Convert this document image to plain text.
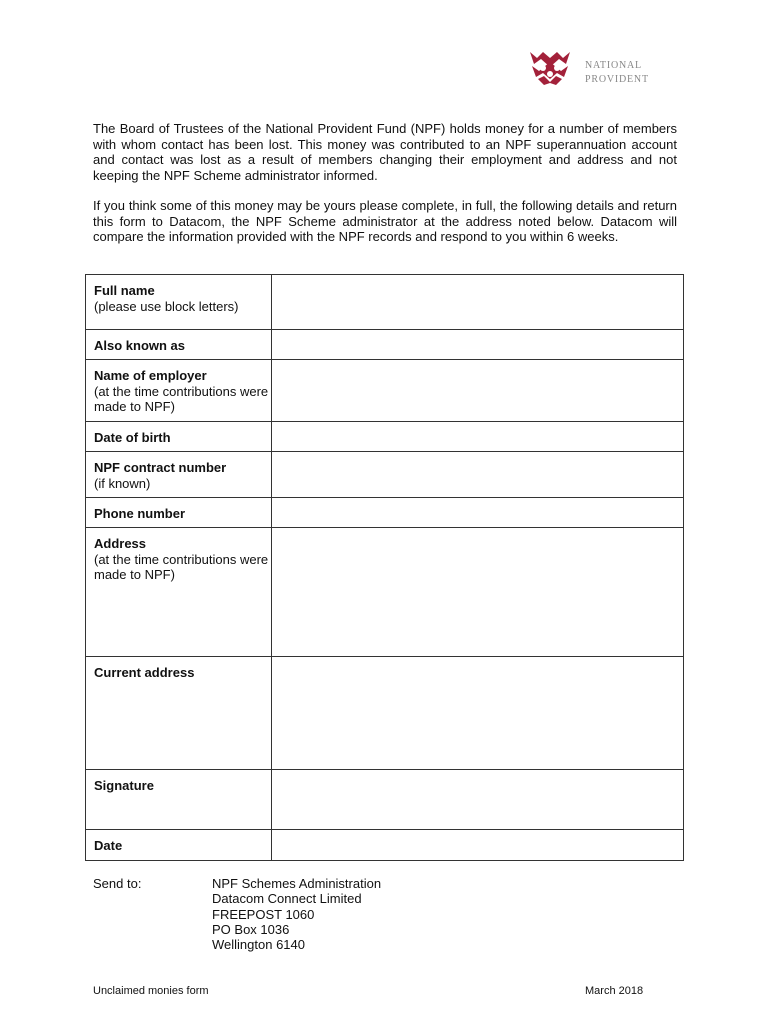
NATIONAL
PROVIDENT

The Board of Trustees of the National Provident Fund (NPF) holds money for a number of members with whom contact has been lost. This money was contributed to an NPF superannuation account and contact was lost as a result of members changing their employment and address and not keeping the NPF Scheme administrator informed.

If you think some of this money may be yours please complete, in full, the following details and return this form to Datacom, the NPF Scheme administrator at the address noted below. Datacom will compare the information provided with the NPF records and respond to you within 6 weeks.

Full name
(please use block letters)	

Also known as	

Name of employer
(at the time contributions were made to NPF)	

Date of birth	

NPF contract number
(if known)	

Phone number	

Address
(at the time contributions were made to NPF)	

Current address	

Signature	

Date	

Send to:	NPF Schemes Administration
Datacom Connect Limited
FREEPOST 1060
PO Box 1036
Wellington 6140
Unclaimed monies form	March 2018
